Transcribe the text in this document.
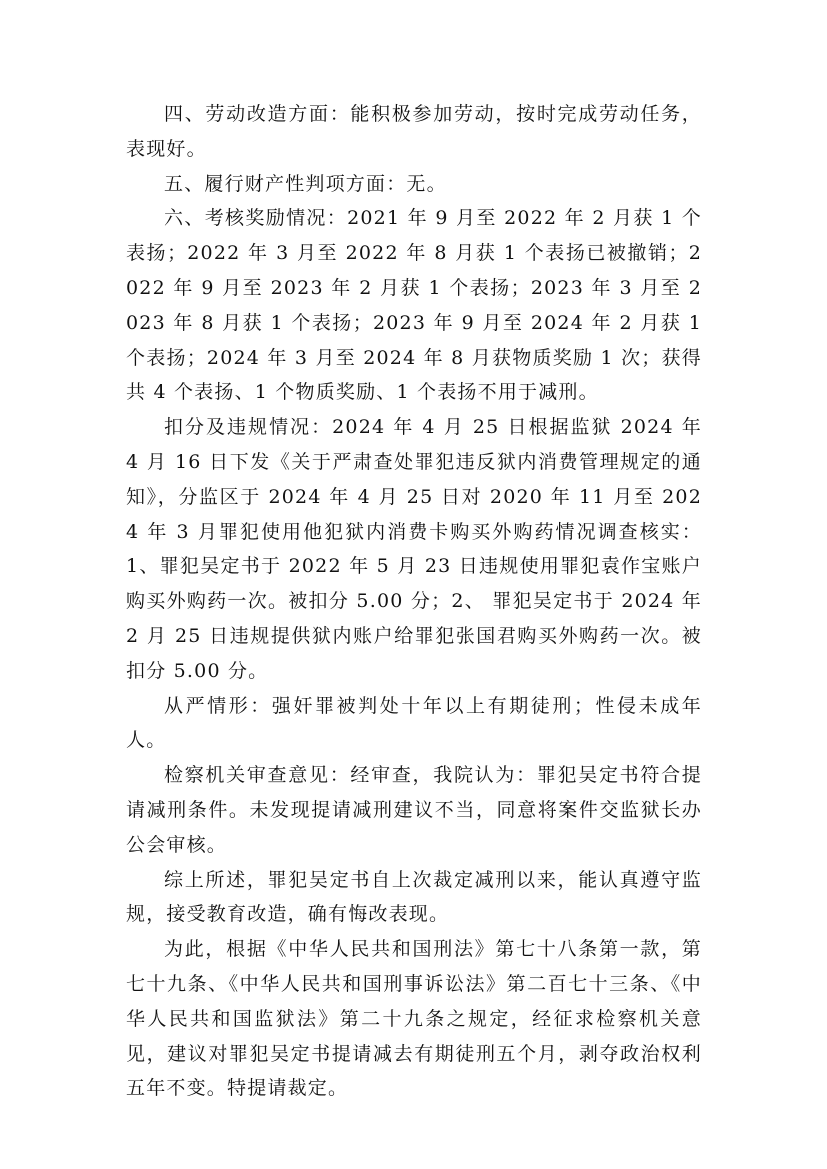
四、劳动改造方面：能积极参加劳动，按时完成劳动任务，表现好。

五、履行财产性判项方面：无。

六、考核奖励情况：2021 年 9 月至 2022 年 2 月获 1 个表扬；2022 年 3 月至 2022 年 8 月获 1 个表扬已被撤销；2022 年 9 月至 2023 年 2 月获 1 个表扬；2023 年 3 月至 2023 年 8 月获 1 个表扬；2023 年 9 月至 2024 年 2 月获 1 个表扬；2024 年 3 月至 2024 年 8 月获物质奖励 1 次；获得共 4 个表扬、1 个物质奖励、1 个表扬不用于减刑。

扣分及违规情况：2024 年 4 月 25 日根据监狱 2024 年 4 月 16 日下发《关于严肃查处罪犯违反狱内消费管理规定的通知》，分监区于 2024 年 4 月 25 日对 2020 年 11 月至 2024 年 3 月罪犯使用他犯狱内消费卡购买外购药情况调查核实： 1、罪犯吴定书于 2022 年 5 月 23 日违规使用罪犯袁作宝账户购买外购药一次。被扣分 5.00 分；2、 罪犯吴定书于 2024 年 2 月 25 日违规提供狱内账户给罪犯张国君购买外购药一次。被扣分 5.00 分。

从严情形：强奸罪被判处十年以上有期徒刑；性侵未成年人。

检察机关审查意见：经审查，我院认为：罪犯吴定书符合提请减刑条件。未发现提请减刑建议不当，同意将案件交监狱长办公会审核。

综上所述，罪犯吴定书自上次裁定减刑以来，能认真遵守监规，接受教育改造，确有悔改表现。

为此，根据《中华人民共和国刑法》第七十八条第一款，第七十九条、《中华人民共和国刑事诉讼法》第二百七十三条、《中华人民共和国监狱法》第二十九条之规定，经征求检察机关意见，建议对罪犯吴定书提请减去有期徒刑五个月，剥夺政治权利五年不变。特提请裁定。
